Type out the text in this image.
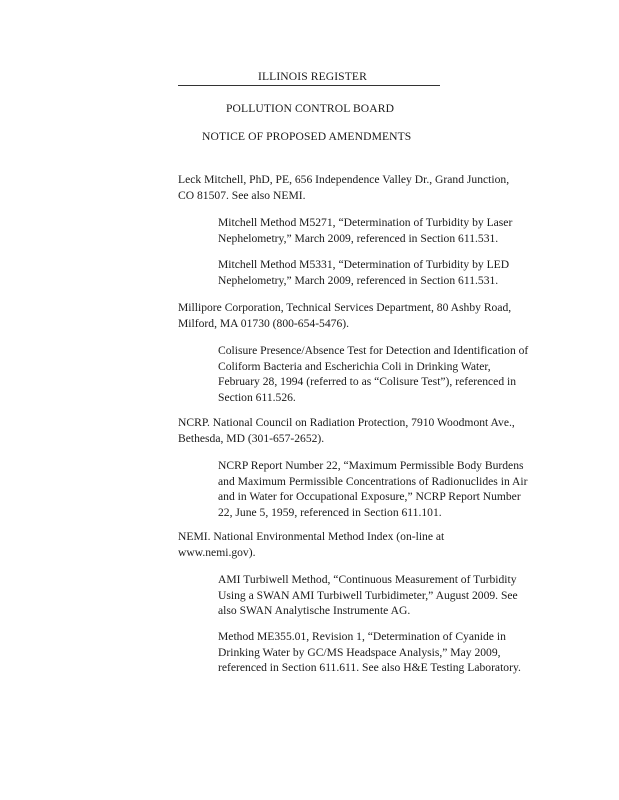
ILLINOIS REGISTER
POLLUTION CONTROL BOARD
NOTICE OF PROPOSED AMENDMENTS
Leck Mitchell, PhD, PE, 656 Independence Valley Dr., Grand Junction,
CO 81507. See also NEMI.
Mitchell Method M5271, “Determination of Turbidity by Laser
Nephelometry,” March 2009, referenced in Section 611.531.
Mitchell Method M5331, “Determination of Turbidity by LED
Nephelometry,” March 2009, referenced in Section 611.531.
Millipore Corporation, Technical Services Department, 80 Ashby Road,
Milford, MA 01730 (800-654-5476).
Colisure Presence/Absence Test for Detection and Identification of
Coliform Bacteria and Escherichia Coli in Drinking Water,
February 28, 1994 (referred to as “Colisure Test”), referenced in
Section 611.526.
NCRP. National Council on Radiation Protection, 7910 Woodmont Ave.,
Bethesda, MD (301-657-2652).
NCRP Report Number 22, “Maximum Permissible Body Burdens
and Maximum Permissible Concentrations of Radionuclides in Air
and in Water for Occupational Exposure,” NCRP Report Number
22, June 5, 1959, referenced in Section 611.101.
NEMI. National Environmental Method Index (on-line at
www.nemi.gov).
AMI Turbiwell Method, “Continuous Measurement of Turbidity
Using a SWAN AMI Turbiwell Turbidimeter,” August 2009. See
also SWAN Analytische Instrumente AG.
Method ME355.01, Revision 1, “Determination of Cyanide in
Drinking Water by GC/MS Headspace Analysis,” May 2009,
referenced in Section 611.611. See also H&E Testing Laboratory.
